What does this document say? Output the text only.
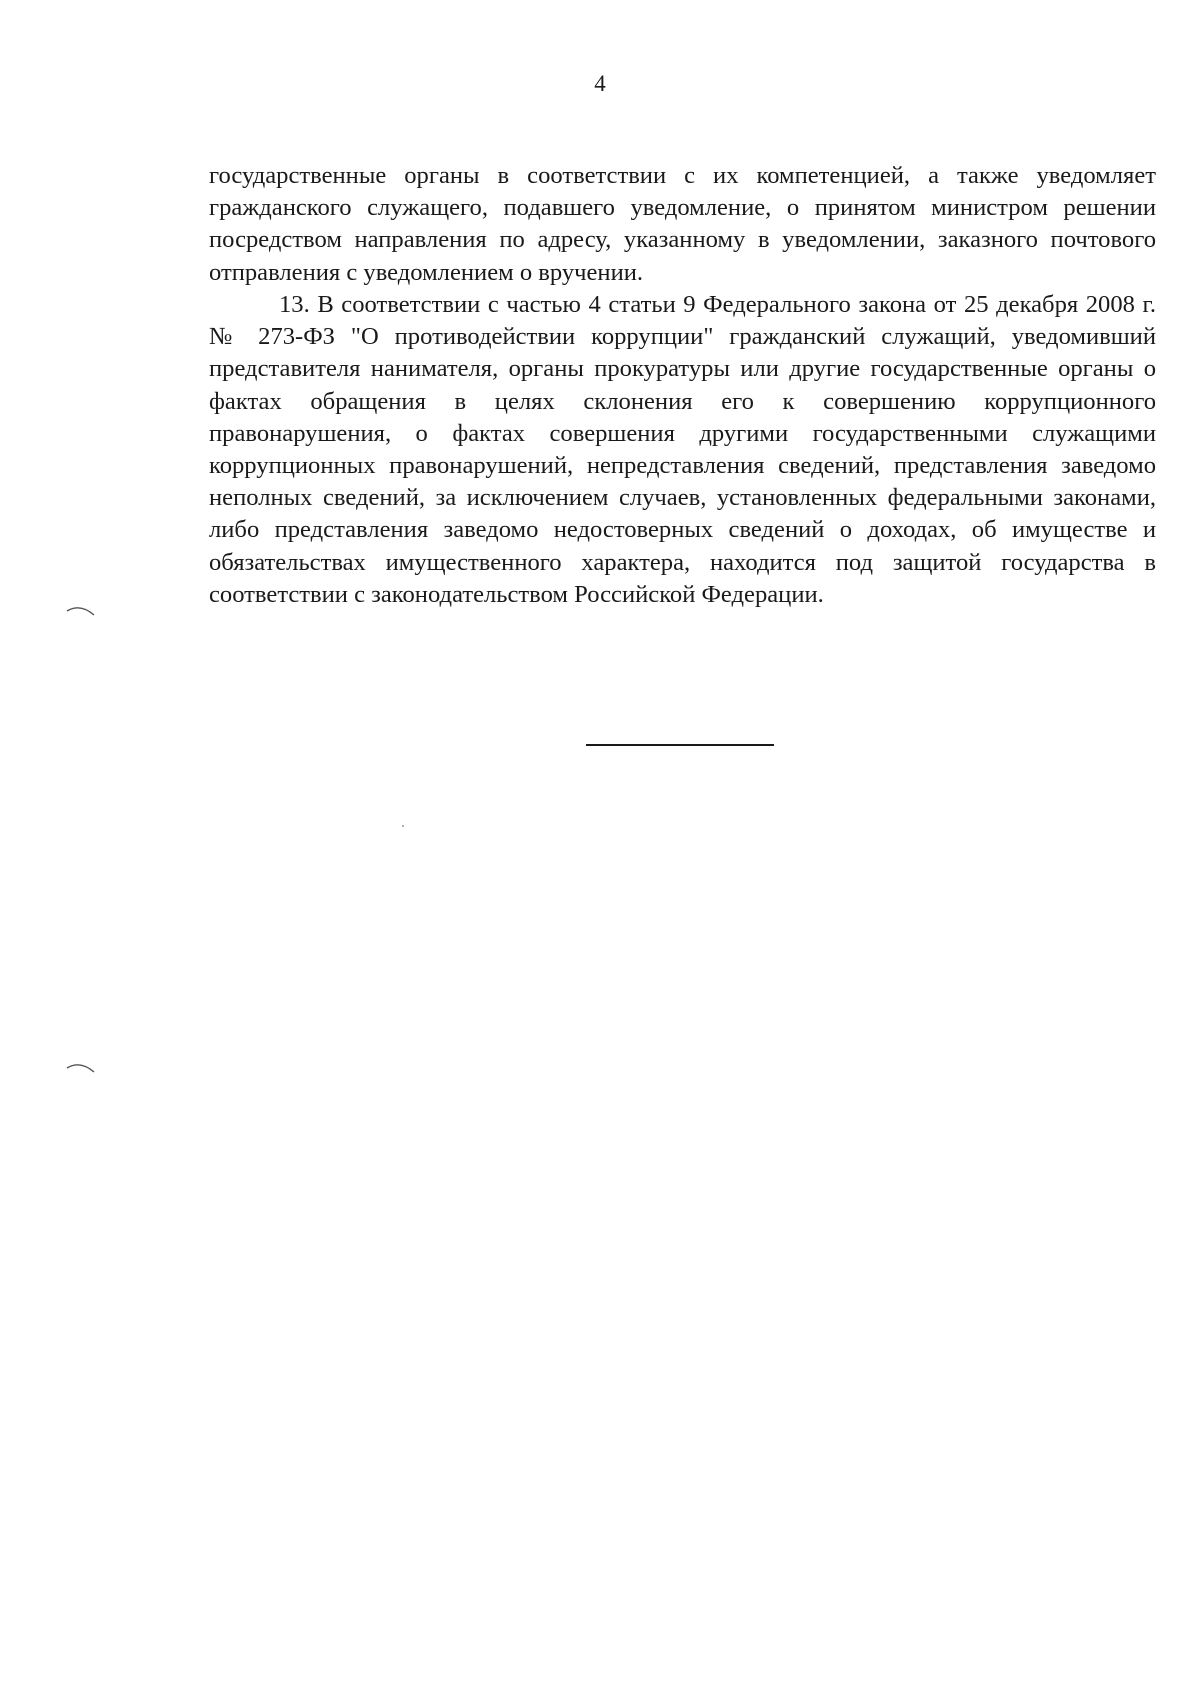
4

государственные органы в соответствии с их компетенцией, а также уведомляет гражданского служащего, подавшего уведомление, о принятом министром решении посредством направления по адресу, указанному в уведомлении, заказного почтового отправления с уведомлением о вручении.

13. В соответствии с частью 4 статьи 9 Федерального закона от 25 декабря 2008 г. № 273-ФЗ "О противодействии коррупции" гражданский служащий, уведомивший представителя нанимателя, органы прокуратуры или другие государственные органы о фактах обращения в целях склонения его к совершению коррупционного правонарушения, о фактах совершения другими государственными служащими коррупционных правонарушений, непредставления сведений, представления заведомо неполных сведений, за исключением случаев, установленных федеральными законами, либо представления заведомо недостоверных сведений о доходах, об имуществе и обязательствах имущественного характера, находится под защитой государства в соответствии с законодательством Российской Федерации.
